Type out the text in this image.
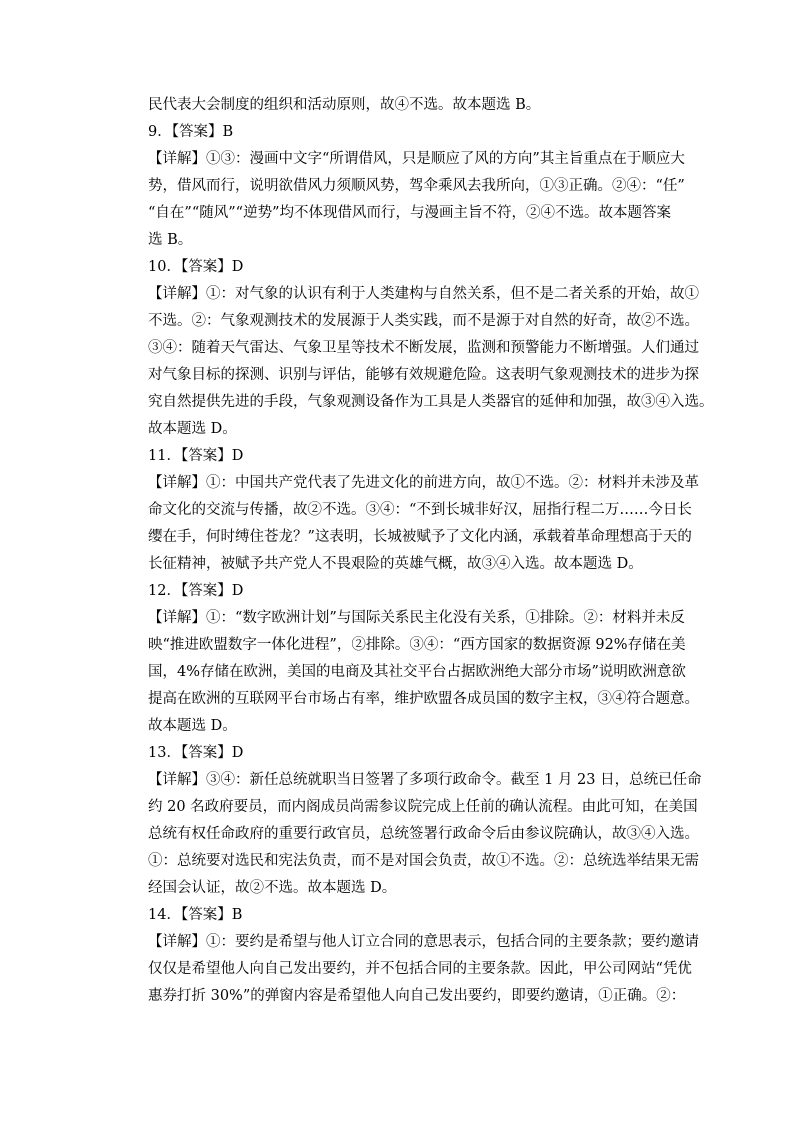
民代表大会制度的组织和活动原则，故④不选。故本题选 B。
9．【答案】B
【详解】①③：漫画中文字“所谓借风，只是顺应了风的方向”其主旨重点在于顺应大
势，借风而行，说明欲借风力须顺风势，驾伞乘风去我所向，①③正确。②④：“任”
“自在”“随风”“逆势”均不体现借风而行，与漫画主旨不符，②④不选。故本题答案
选 B。
10．【答案】D
【详解】①：对气象的认识有利于人类建构与自然关系，但不是二者关系的开始，故①
不选。②：气象观测技术的发展源于人类实践，而不是源于对自然的好奇，故②不选。
③④：随着天气雷达、气象卫星等技术不断发展，监测和预警能力不断增强。人们通过
对气象目标的探测、识别与评估，能够有效规避危险。这表明气象观测技术的进步为探
究自然提供先进的手段，气象观测设备作为工具是人类器官的延伸和加强，故③④入选。
故本题选 D。
11．【答案】D
【详解】①：中国共产党代表了先进文化的前进方向，故①不选。②：材料并未涉及革
命文化的交流与传播，故②不选。③④：“不到长城非好汉，屈指行程二万……今日长
缨在手，何时缚住苍龙？”这表明，长城被赋予了文化内涵，承载着革命理想高于天的
长征精神，被赋予共产党人不畏艰险的英雄气概，故③④入选。故本题选 D。
12．【答案】D
【详解】①：“数字欧洲计划”与国际关系民主化没有关系，①排除。②：材料并未反
映“推进欧盟数字一体化进程”，②排除。③④：“西方国家的数据资源 92%存储在美
国，4%存储在欧洲，美国的电商及其社交平台占据欧洲绝大部分市场”说明欧洲意欲
提高在欧洲的互联网平台市场占有率，维护欧盟各成员国的数字主权，③④符合题意。
故本题选 D。
13．【答案】D
【详解】③④：新任总统就职当日签署了多项行政命令。截至 1 月 23 日，总统已任命
约 20 名政府要员，而内阁成员尚需参议院完成上任前的确认流程。由此可知，在美国
总统有权任命政府的重要行政官员，总统签署行政命令后由参议院确认，故③④入选。
①：总统要对选民和宪法负责，而不是对国会负责，故①不选。②：总统选举结果无需
经国会认证，故②不选。故本题选 D。
14．【答案】B
【详解】①：要约是希望与他人订立合同的意思表示，包括合同的主要条款；要约邀请
仅仅是希望他人向自己发出要约，并不包括合同的主要条款。因此，甲公司网站“凭优
惠券打折 30%”的弹窗内容是希望他人向自己发出要约，即要约邀请，①正确。②：
